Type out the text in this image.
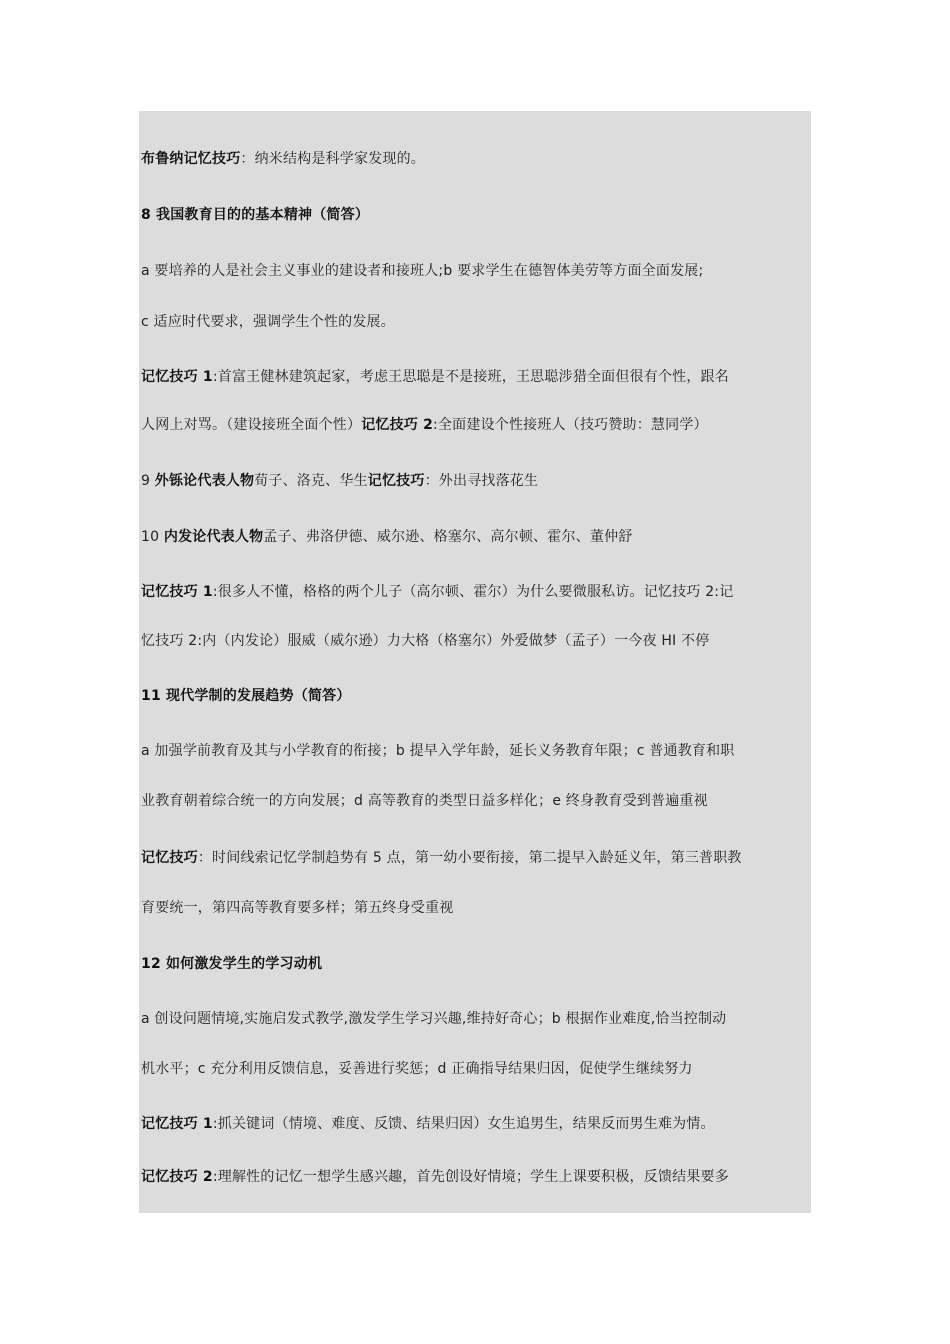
布鲁纳记忆技巧：纳米结构是科学家发现的。
8 我国教育目的的基本精神（简答）
a 要培养的人是社会主义事业的建设者和接班人;b 要求学生在德智体美劳等方面全面发展;
c 适应时代要求，强调学生个性的发展。
记忆技巧 1:首富王健林建筑起家，考虑王思聪是不是接班，王思聪涉猎全面但很有个性，跟名
人网上对骂。（建设接班全面个性）记忆技巧 2:全面建设个性接班人（技巧赞助：慧同学）
9 外铄论代表人物荀子、洛克、华生记忆技巧：外出寻找落花生
10 内发论代表人物孟子、弗洛伊德、威尔逊、格塞尔、高尔顿、霍尔、董仲舒
记忆技巧 1:很多人不懂，格格的两个儿子（高尔顿、霍尔）为什么要微服私访。记忆技巧 2:记
忆技巧 2:内（内发论）服威（威尔逊）力大格（格塞尔）外爱做梦（孟子）一今夜 HI 不停
11 现代学制的发展趋势（简答）
a 加强学前教育及其与小学教育的衔接；b 提早入学年龄，延长义务教育年限；c 普通教育和职
业教育朝着综合统一的方向发展；d 高等教育的类型日益多样化；e 终身教育受到普遍重视
记忆技巧：时间线索记忆学制趋势有 5 点，第一幼小要衔接，第二提早入龄延义年，第三普职教
育要统一，第四高等教育要多样；第五终身受重视
12 如何激发学生的学习动机
a 创设问题情境,实施启发式教学,激发学生学习兴趣,维持好奇心；b 根据作业难度,恰当控制动
机水平；c 充分利用反馈信息，妥善进行奖惩；d 正确指导结果归因，促使学生继续努力
记忆技巧 1:抓关键词（情境、难度、反馈、结果归因）女生追男生，结果反而男生难为情。
记忆技巧 2:理解性的记忆一想学生感兴趣，首先创设好情境；学生上课要积极，反馈结果要多
